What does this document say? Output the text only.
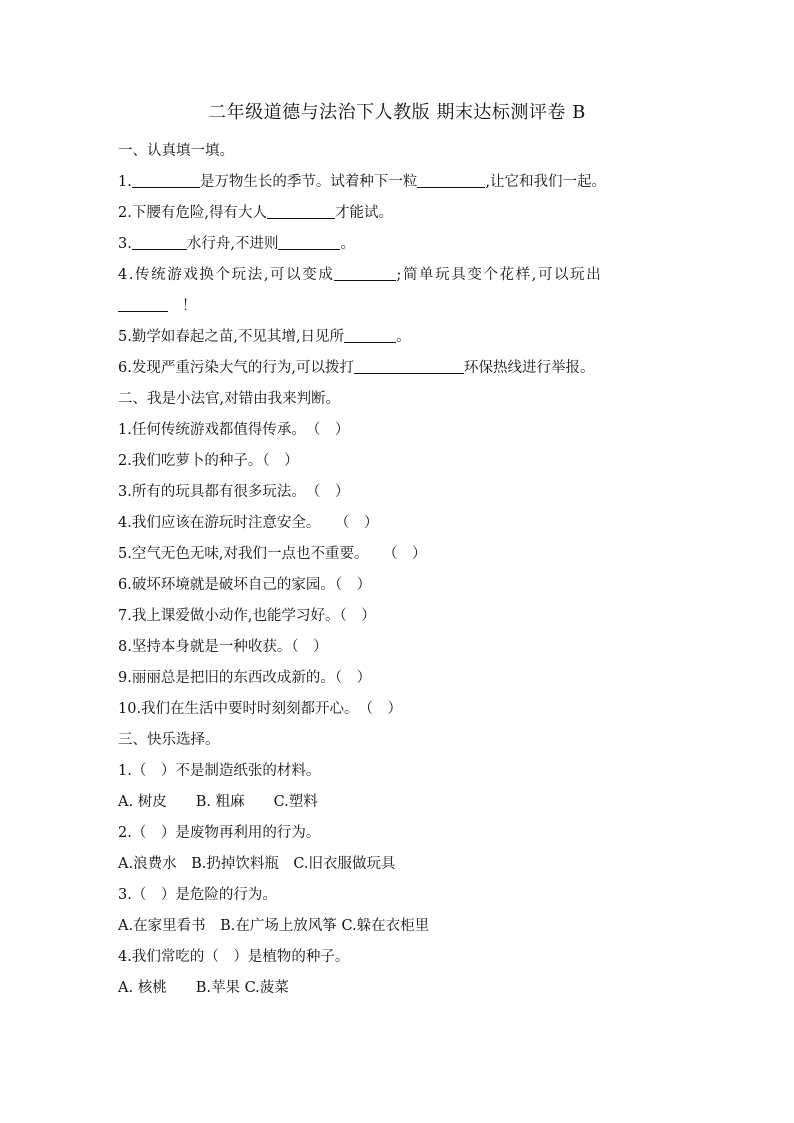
二年级道德与法治下人教版 期末达标测评卷 B
一、认真填一填。
1.	是万物生长的季节。试着种下一粒	,让它和我们一起。
2.下腰有危险,得有大人	才能试。
3.	水行舟,不进则	。
4.传统游戏换个玩法,可以变成	;简单玩具变个花样,可以玩出
！
5.勤学如春起之苗,不见其增,日见所	。
6.发现严重污染大气的行为,可以拨打	环保热线进行举报。
二、我是小法官,对错由我来判断。
1.任何传统游戏都值得传承。　（　）
2.我们吃萝卜的种子。（　）
3.所有的玩具都有很多玩法。　（　）
4.我们应该在游玩时注意安全。　　（　）
5.空气无色无味,对我们一点也不重要。　　（　）
6.破坏环境就是破坏自己的家园。（　）
7.我上课爱做小动作,也能学习好。（　）
8.坚持本身就是一种收获。（　）
9.丽丽总是把旧的东西改成新的。（　）
10.我们在生活中要时时刻刻都开心。　（　）
三、快乐选择。
1.（　）不是制造纸张的材料。
A. 树皮　　B. 粗麻　　C.塑料
2.（　）是废物再利用的行为。
A.浪费水　B.扔掉饮料瓶　C.旧衣服做玩具
3.（　）是危险的行为。
A.在家里看书　B.在广场上放风筝 C.躲在衣柜里
4.我们常吃的（　）是植物的种子。
A. 核桃　　B.苹果 C.菠菜
